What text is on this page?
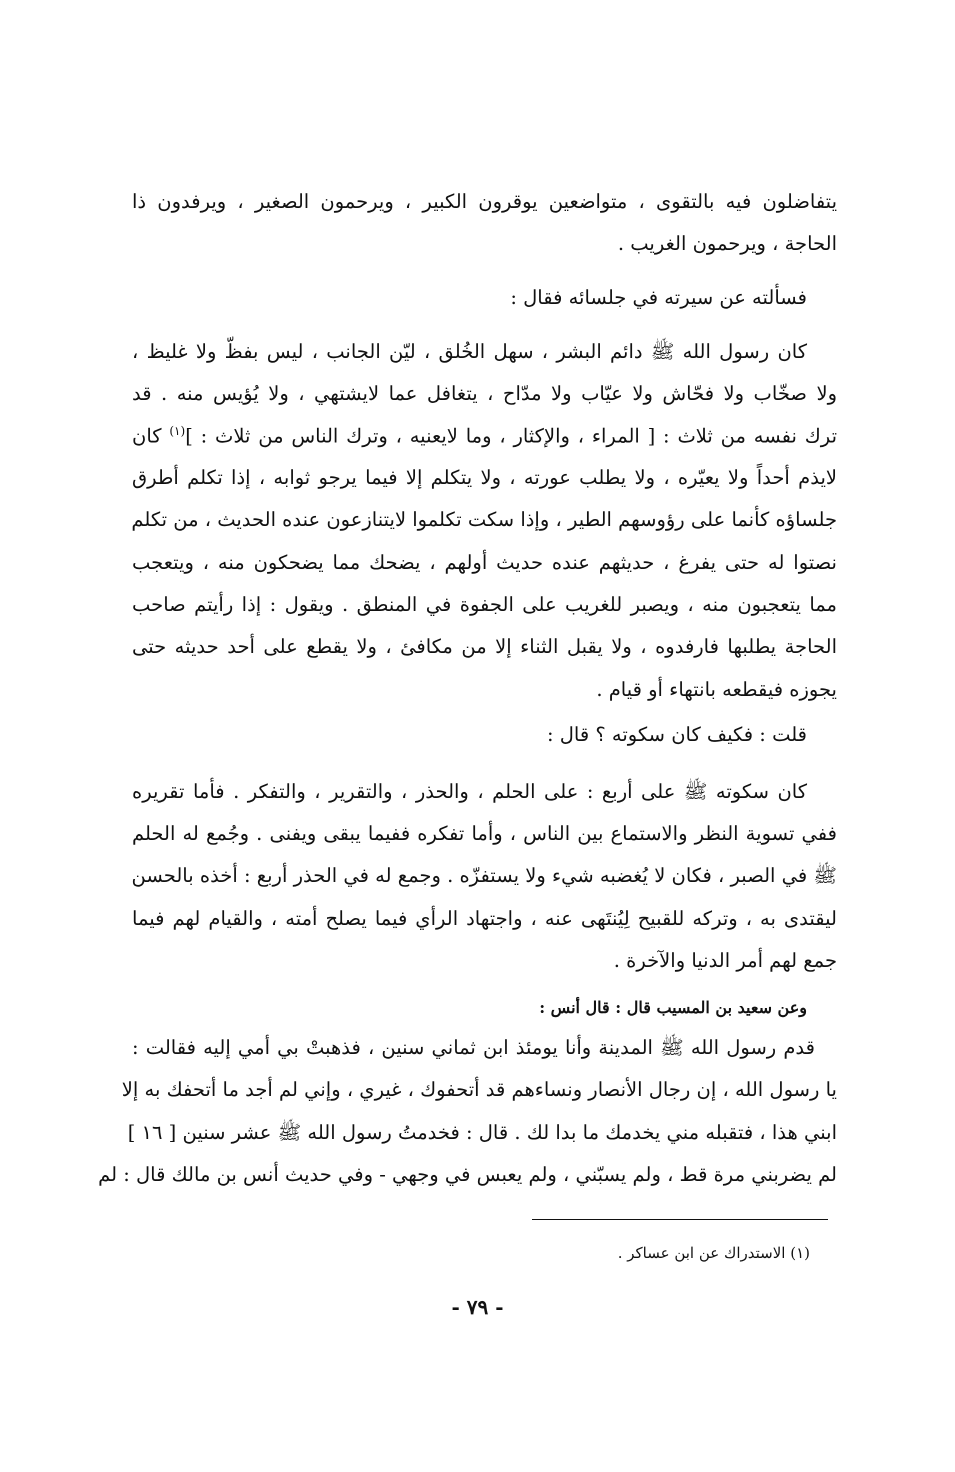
يتفاضلون فيه بالتقوى ، متواضعين يوقرون الكبير ، ويرحمون الصغير ، ويرفدون ذا
الحاجة ، ويرحمون الغريب .
فسألته عن سيرته في جلسائه فقال :
كان رسول الله ﷺ دائم البشر ، سهل الخُلق ، ليّن الجانب ، ليس بفظّ ولا غليظ ،
ولا صخّاب ولا فحّاش ولا عيّاب ولا مدّاح ، يتغافل عما لايشتهي ، ولا يُؤيس منه . قد
ترك نفسه من ثلاث : [ المراء ، والإكثار ، وما لايعنيه ، وترك الناس من ثلاث : ]$^{(١)}$ كان
لايذم أحداً ولا يعيّره ، ولا يطلب عورته ، ولا يتكلم إلا فيما يرجو ثوابه ، إذا تكلم أطرق
جلساؤه كأنما على رؤوسهم الطير ، وإذا سكت تكلموا لايتنازعون عنده الحديث ، من تكلم
نصتوا له حتى يفرغ ، حديثهم عنده حديث أولهم ، يضحك مما يضحكون منه ، ويتعجب
مما يتعجبون منه ، ويصبر للغريب على الجفوة في المنطق . ويقول : إذا رأيتم صاحب
الحاجة يطلبها فارفدوه ، ولا يقبل الثناء إلا من مكافئ ، ولا يقطع على أحد حديثه حتى
يجوزه فيقطعه بانتهاء أو قيام .
قلت : فكيف كان سكوته ؟ قال :
كان سكوته ﷺ على أربع : على الحلم ، والحذر ، والتقرير ، والتفكر . فأما تقريره
ففي تسوية النظر والاستماع بين الناس ، وأما تفكره ففيما يبقى ويفنى . وجُمع له الحلم
ﷺ في الصبر ، فكان لا يُغضبه شيء ولا يستفزّه . وجمع له في الحذر أربع : أخذه بالحسن
ليقتدى به ، وتركه للقبيح لِيُنتَهى عنه ، واجتهاد الرأي فيما يصلح أمته ، والقيام لهم فيما
جمع لهم أمر الدنيا والآخرة .
وعن سعيد بن المسيب قال : قال أنس :
قدم رسول الله ﷺ المدينة وأنا يومئذ ابن ثماني سنين ، فذهبتْ بي أمي إليه فقالت :
يا رسول الله ، إن رجال الأنصار ونساءهم قد أتحفوك ، غيري ، وإني لم أجد ما أتحفك به إلا
ابني هذا ، فتقبله مني يخدمك ما بدا لك . قال : فخدمتُ رسول الله ﷺ عشر سنين [ ١٦ ]
لم يضربني مرة قط ، ولم يسبّني ، ولم يعبس في وجهي - وفي حديث أنس بن مالك قال : لم
(١) الاستدراك عن ابن عساكر .
- ٧٩ -
